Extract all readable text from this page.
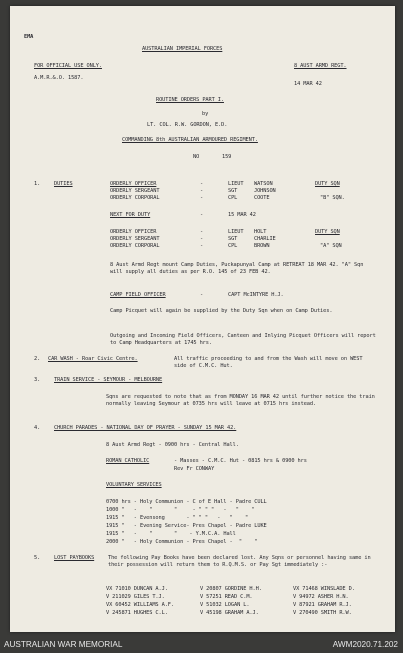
EMA
AUSTRALIAN IMPERIAL FORCES
FOR OFFICIAL USE ONLY.	8 AUST ARMD REGT.
A.M.R.&.O. 1587.
14 MAR 42
ROUTINE ORDERS PART I.
by
LT. COL. R.W. GORDON, E.D.
COMMANDING 8th AUSTRALIAN ARMOURED REGIMENT.
NO	159
1.	DUTIES	ORDERLY OFFICER	-	LIEUT WATSON	DUTY SQN
ORDERLY SERGEANT	-	SGT	JOHNSON
ORDERLY CORPORAL	-	CPL	COOTE	"B" SQN.
NEXT FOR DUTY	-	15 MAR 42
ORDERLY OFFICER	-	LIEUT HOLT	DUTY SQN
ORDERLY SERGEANT	-	SGT	CHARLIE
ORDERLY CORPORAL	-	CPL	BROWN	"A" SQN
8 Aust Armd Regt mount Camp Duties, Puckapunyal Camp at RETREAT 18 MAR 42. "A" Sqn will supply all duties as per R.O. 145 of 23 FEB 42.
CAMP FIELD OFFICER	-	CAPT McINTYRE H.J.
Camp Picquet will again be supplied by the Duty Sqn when on Camp Duties.
Outgoing and Incoming Field Officers, Canteen and Inlying Picquet Officers will report to Camp Headquarters at 1745 hrs.
2. CAR WASH - Roar Civic Centre.	All traffic proceeding to and from the Wash will move on WEST side of C.M.C. Hut.
3.	TRAIN SERVICE - SEYMOUR - MELBOURNE
Sqns are requested to note that as from MONDAY 16 MAR 42 until further notice the train normally leaving Seymour at 0735 hrs will leave at 0715 hrs instead.
4.	CHURCH PARADES - NATIONAL DAY OF PRAYER - SUNDAY 15 MAR 42.
8 Aust Armd Regt - 0900 hrs - Central Hall.
ROMAN CATHOLIC	- Masses - C.M.C. Hut - 0815 hrs & 0900 hrs
Rev Fr CONWAY
VOLUNTARY SERVICES
0700 hrs - Holy Communion - C of E Hall - Padre CULL
1000 "   -    "       "     - " " "   -   "    "
1915 "   - Evensong       - " " "   -   "    "
1915 "   - Evening Service- Pres Chapel - Padre LUKE
1915 "   -    "       "    - Y.M.C.A. Hall
2000 "   - Holy Communion - Pres Chapel -  "    "
5.	LOST PAYBOOKS	The following Pay Books have been declared lost. Any Sqns or personnel having same in their possession will return them to R.Q.M.S. or Pay Sgt immediately :-
VX 71010 DUNCAN A.J.	V 20807 GORDINE H.H.	VX 71468 WINSLADE D.
V 211029 GILES T.J.	V 57251 READ C.M.	V 94972 ASHER H.N.
VX 60452 WILLIAMS A.F.	V 51032 LOGAN L.	V 87921 GRAHAM R.J.
V 245871 HUGHES C.L.	V 45198 GRAHAM A.J.	V 270490 SMITH R.W.
AUSTRALIAN WAR MEMORIAL	AWM2020.71.202
